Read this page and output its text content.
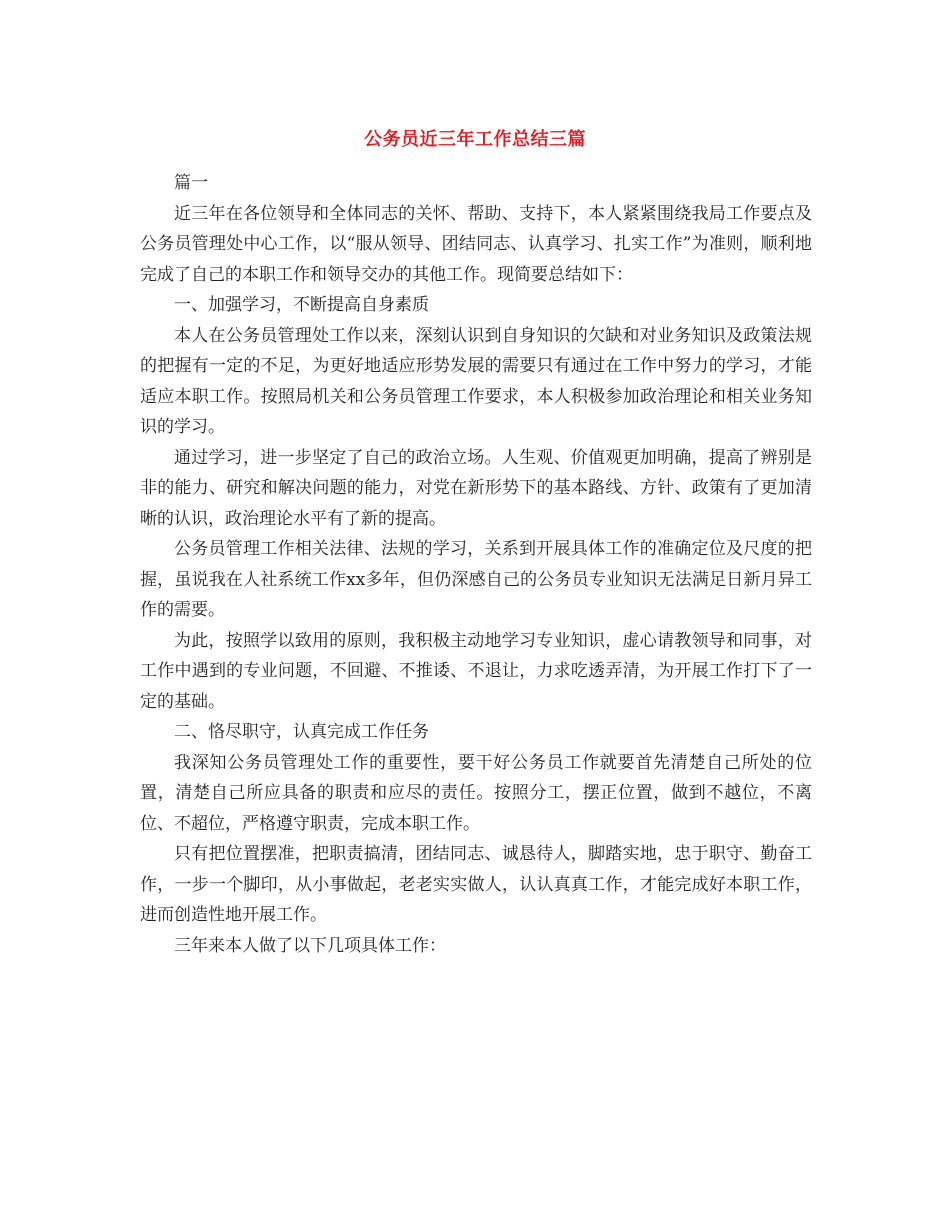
公务员近三年工作总结三篇

篇一

近三年在各位领导和全体同志的关怀、帮助、支持下，本人紧紧围绕我局工作要点及公务员管理处中心工作，以“服从领导、团结同志、认真学习、扎实工作”为准则，顺利地完成了自己的本职工作和领导交办的其他工作。现简要总结如下：

一、加强学习，不断提高自身素质

本人在公务员管理处工作以来，深刻认识到自身知识的欠缺和对业务知识及政策法规的把握有一定的不足，为更好地适应形势发展的需要只有通过在工作中努力的学习，才能适应本职工作。按照局机关和公务员管理工作要求，本人积极参加政治理论和相关业务知识的学习。

通过学习，进一步坚定了自己的政治立场。人生观、价值观更加明确，提高了辨别是非的能力、研究和解决问题的能力，对党在新形势下的基本路线、方针、政策有了更加清晰的认识，政治理论水平有了新的提高。

公务员管理工作相关法律、法规的学习，关系到开展具体工作的准确定位及尺度的把握，虽说我在人社系统工作xx多年，但仍深感自己的公务员专业知识无法满足日新月异工作的需要。

为此，按照学以致用的原则，我积极主动地学习专业知识，虚心请教领导和同事，对工作中遇到的专业问题，不回避、不推诿、不退让，力求吃透弄清，为开展工作打下了一定的基础。

二、恪尽职守，认真完成工作任务

我深知公务员管理处工作的重要性，要干好公务员工作就要首先清楚自己所处的位置，清楚自己所应具备的职责和应尽的责任。按照分工，摆正位置，做到不越位，不离位、不超位，严格遵守职责，完成本职工作。

只有把位置摆准，把职责搞清，团结同志、诚恳待人，脚踏实地，忠于职守、勤奋工作，一步一个脚印，从小事做起，老老实实做人，认认真真工作，才能完成好本职工作，进而创造性地开展工作。

三年来本人做了以下几项具体工作：
